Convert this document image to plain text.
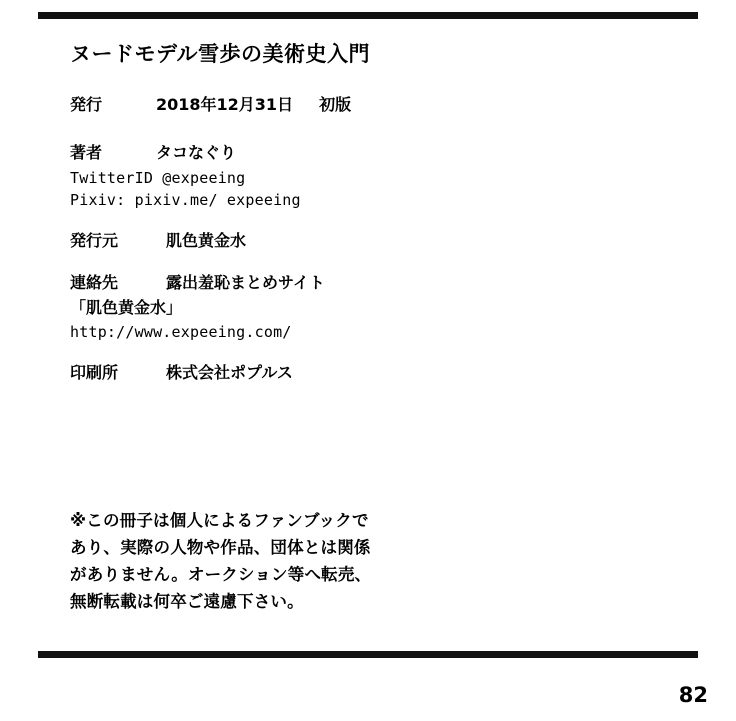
ヌードモデル雪歩の美術史入門
発行	2018年12月31日 初版
著者	タコなぐり
TwitterID @expeeing
Pixiv: pixiv.me/ expeeing
発行元	肌色黄金水
連絡先	露出羞恥まとめサイト
「肌色黄金水」
http://www.expeeing.com/
印刷所	株式会社ポプルス
※この冊子は個人によるファンブックで
あり、実際の人物や作品、団体とは関係
がありません。オークション等へ転売、
無断転載は何卒ご遠慮下さい。
82
